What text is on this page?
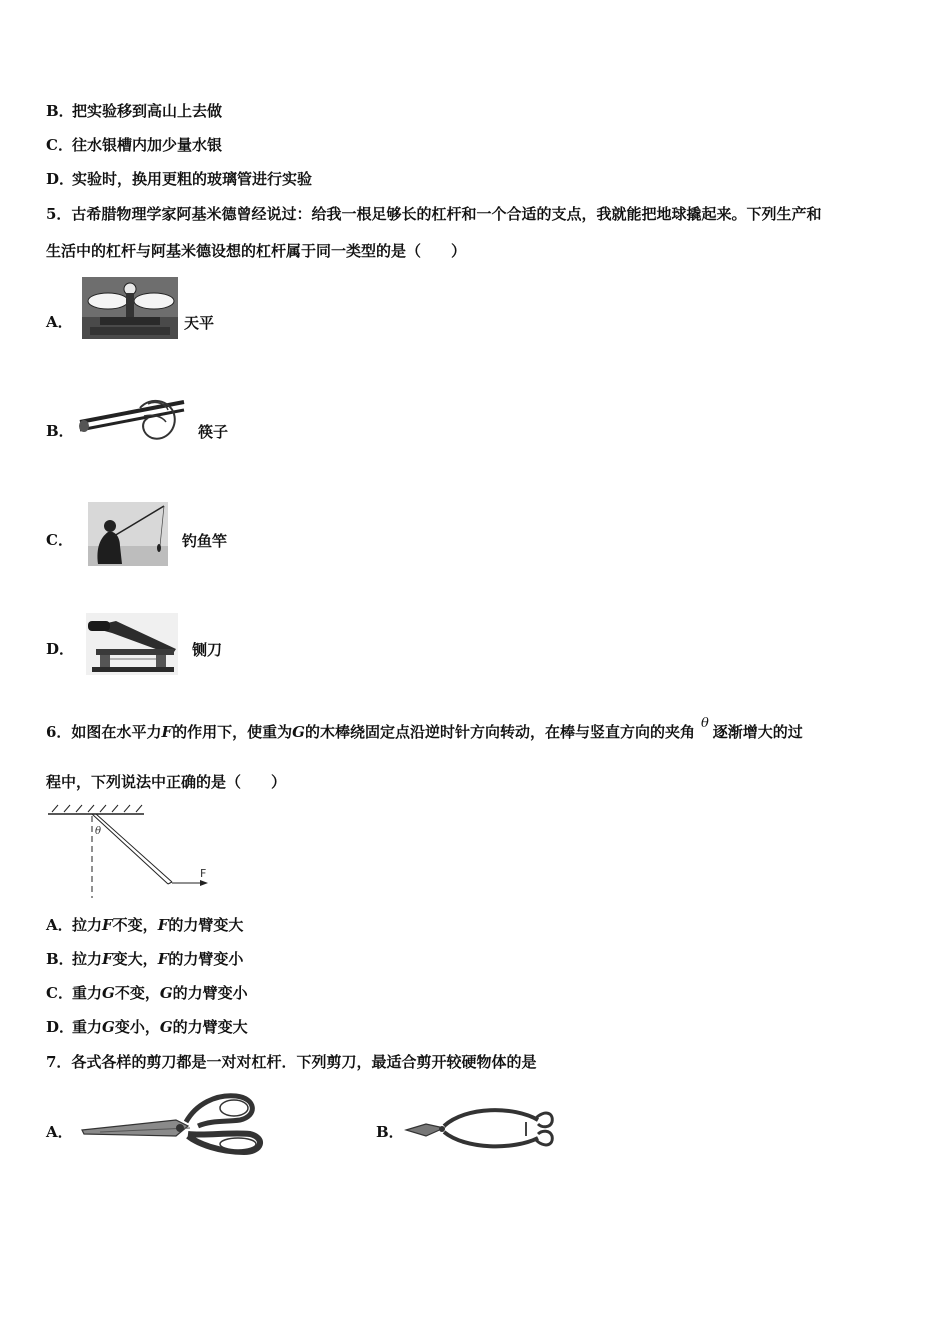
B．把实验移到高山上去做
C．往水银槽内加少量水银
D．实验时，换用更粗的玻璃管进行实验
5．古希腊物理学家阿基米德曾经说过：给我一根足够长的杠杆和一个合适的支点，我就能把地球撬起来。下列生产和
生活中的杠杆与阿基米德设想的杠杆属于同一类型的是（　　）
A．	天平
B．	筷子
C．	钓鱼竿
D．	铡刀
6．如图在水平力F的作用下，使重为G的木棒绕固定点沿逆时针方向转动，在棒与竖直方向的夹角 θ 逐渐增大的过
程中，下列说法中正确的是（　　）
θ
F
A．拉力F不变，F的力臂变大
B．拉力F变大，F的力臂变小
C．重力G不变，G的力臂变小
D．重力G变小，G的力臂变大
7．各式各样的剪刀都是一对对杠杆．下列剪刀，最适合剪开较硬物体的是
A．	B．
